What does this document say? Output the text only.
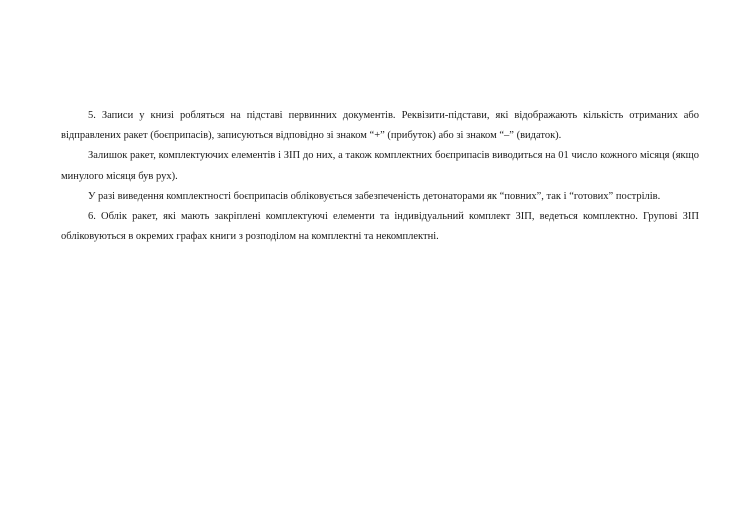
5. Записи у книзі робляться на підставі первинних документів. Реквізити-підстави, які відображають кількість отриманих або відправлених ракет (боєприпасів), записуються відповідно зі знаком “+” (прибуток) або зі знаком “–” (видаток).

Залишок ракет, комплектуючих елементів і ЗІП до них, а також комплектних боєприпасів виводиться на 01 число кожного місяця (якщо минулого місяця був рух).

У разі виведення комплектності боєприпасів обліковується забезпеченість детонаторами як “повних”, так і “готових” пострілів.

6. Облік ракет, які мають закріплені комплектуючі елементи та індивідуальний комплект ЗІП, ведеться комплектно. Групові ЗІП обліковуються в окремих графах книги з розподілом на комплектні та некомплектні.
